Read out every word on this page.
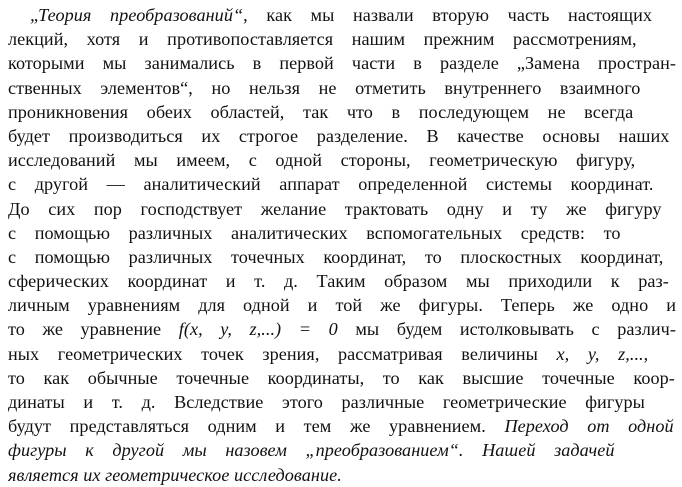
„Теория преобразований“, как мы назвали вторую часть настоящих
лекций, хотя и противопоставляется нашим прежним рассмотрениям,
которыми мы занимались в первой части в разделе „Замена простран-
ственных элементов“, но нельзя не отметить внутреннего взаимного
проникновения обеих областей, так что в последующем не всегда
будет производиться их строгое разделение. В качестве основы наших
исследований мы имеем, с одной стороны, геометрическую фигуру,
с другой — аналитический аппарат определенной системы координат.
До сих пор господствует желание трактовать одну и ту же фигуру
с помощью различных аналитических вспомогательных средств: то
с помощью различных точечных координат, то плоскостных координат,
сферических координат и т. д. Таким образом мы приходили к раз-
личным уравнениям для одной и той же фигуры. Теперь же одно и
то же уравнение f(x, y, z,...) = 0 мы будем истолковывать с различ-
ных геометрических точек зрения, рассматривая величины x, y, z,...,
то как обычные точечные координаты, то как высшие точечные коор-
динаты и т. д. Вследствие этого различные геометрические фигуры
будут представляться одним и тем же уравнением. Переход от одной
фигуры к другой мы назовем „преобразованием“. Нашей задачей
является их геометрическое исследование.
